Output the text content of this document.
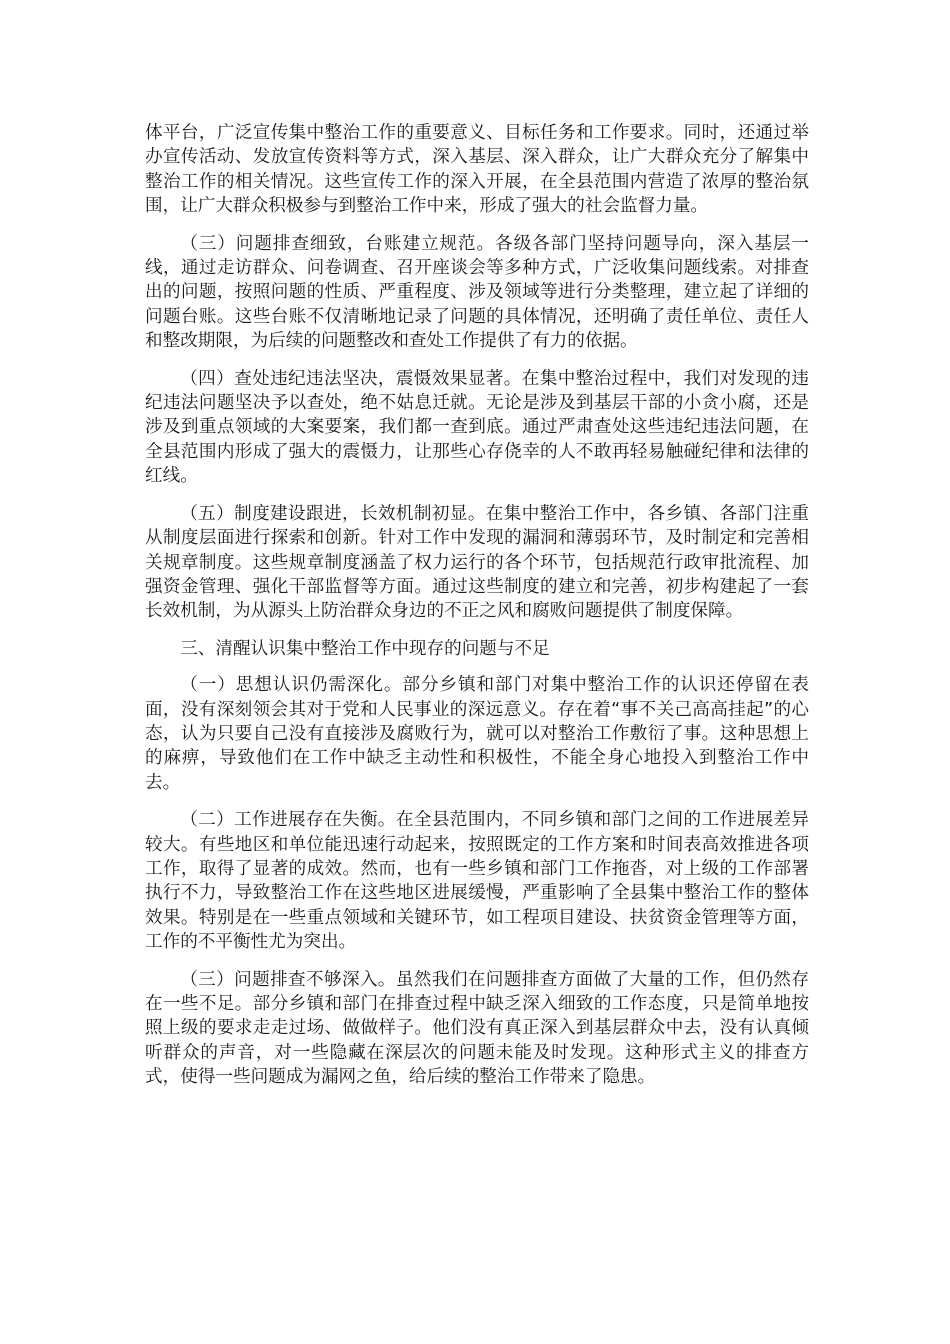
体平台，广泛宣传集中整治工作的重要意义、目标任务和工作要求。同时，还通过举办宣传活动、发放宣传资料等方式，深入基层、深入群众，让广大群众充分了解集中整治工作的相关情况。这些宣传工作的深入开展，在全县范围内营造了浓厚的整治氛围，让广大群众积极参与到整治工作中来，形成了强大的社会监督力量。

（三）问题排查细致，台账建立规范。各级各部门坚持问题导向，深入基层一线，通过走访群众、问卷调查、召开座谈会等多种方式，广泛收集问题线索。对排查出的问题，按照问题的性质、严重程度、涉及领域等进行分类整理，建立起了详细的问题台账。这些台账不仅清晰地记录了问题的具体情况，还明确了责任单位、责任人和整改期限，为后续的问题整改和查处工作提供了有力的依据。

（四）查处违纪违法坚决，震慑效果显著。在集中整治过程中，我们对发现的违纪违法问题坚决予以查处，绝不姑息迁就。无论是涉及到基层干部的小贪小腐，还是涉及到重点领域的大案要案，我们都一查到底。通过严肃查处这些违纪违法问题，在全县范围内形成了强大的震慑力，让那些心存侥幸的人不敢再轻易触碰纪律和法律的红线。

（五）制度建设跟进，长效机制初显。在集中整治工作中，各乡镇、各部门注重从制度层面进行探索和创新。针对工作中发现的漏洞和薄弱环节，及时制定和完善相关规章制度。这些规章制度涵盖了权力运行的各个环节，包括规范行政审批流程、加强资金管理、强化干部监督等方面。通过这些制度的建立和完善，初步构建起了一套长效机制，为从源头上防治群众身边的不正之风和腐败问题提供了制度保障。

三、清醒认识集中整治工作中现存的问题与不足

（一）思想认识仍需深化。部分乡镇和部门对集中整治工作的认识还停留在表面，没有深刻领会其对于党和人民事业的深远意义。存在着“事不关己高高挂起”的心态，认为只要自己没有直接涉及腐败行为，就可以对整治工作敷衍了事。这种思想上的麻痹，导致他们在工作中缺乏主动性和积极性，不能全身心地投入到整治工作中去。

（二）工作进展存在失衡。在全县范围内，不同乡镇和部门之间的工作进展差异较大。有些地区和单位能迅速行动起来，按照既定的工作方案和时间表高效推进各项工作，取得了显著的成效。然而，也有一些乡镇和部门工作拖沓，对上级的工作部署执行不力，导致整治工作在这些地区进展缓慢，严重影响了全县集中整治工作的整体效果。特别是在一些重点领域和关键环节，如工程项目建设、扶贫资金管理等方面，工作的不平衡性尤为突出。

（三）问题排查不够深入。虽然我们在问题排查方面做了大量的工作，但仍然存在一些不足。部分乡镇和部门在排查过程中缺乏深入细致的工作态度，只是简单地按照上级的要求走走过场、做做样子。他们没有真正深入到基层群众中去，没有认真倾听群众的声音，对一些隐藏在深层次的问题未能及时发现。这种形式主义的排查方式，使得一些问题成为漏网之鱼，给后续的整治工作带来了隐患。
